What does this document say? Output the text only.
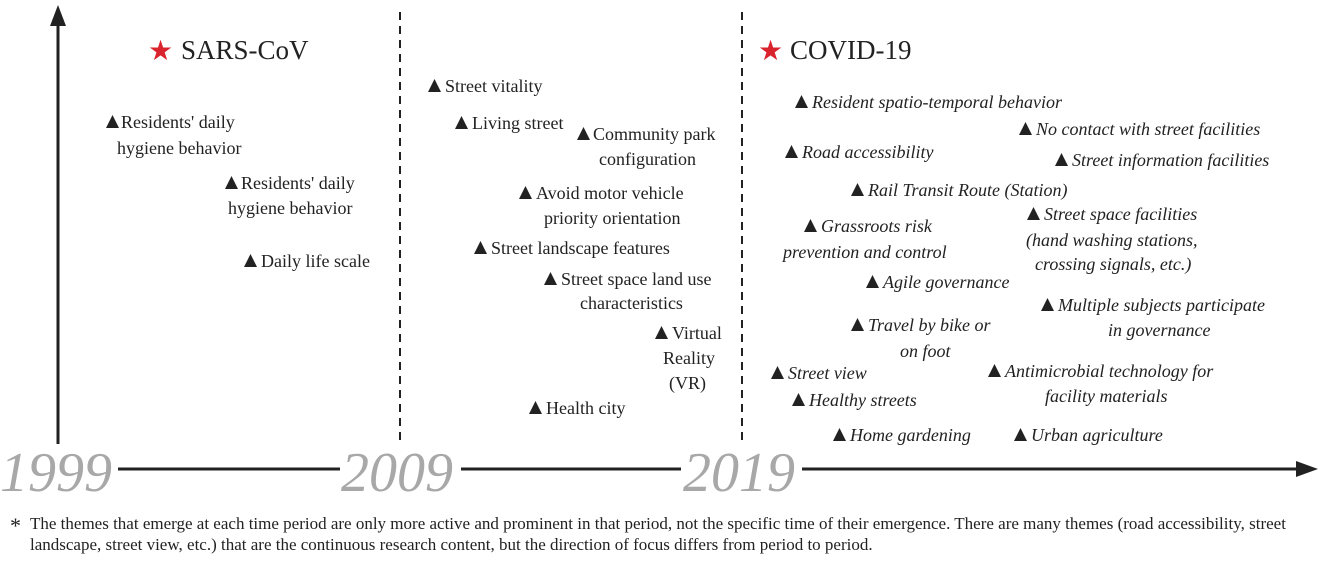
1999	2009	2019
★ SARS-CoV	★ COVID-19
Residents' daily
hygiene behavior
Residents' daily
hygiene behavior
Daily life scale
Street vitality
Living street
Community park
configuration
Avoid motor vehicle
priority orientation
Street landscape features
Street space land use
characteristics
Virtual
Reality
(VR)
Health city
Resident spatio-temporal behavior
No contact with street facilities
Road accessibility	Street information facilities
Rail Transit Route (Station)
Grassroots risk
prevention and control
Street space facilities
(hand washing stations,
crossing signals, etc.)
Agile governance
Multiple subjects participate
in governance
Travel by bike or
on foot
Street view	Antimicrobial technology for
facility materials
Healthy streets
Home gardening	Urban agriculture
* The themes that emerge at each time period are only more active and prominent in that period, not the specific time of their emergence. There are many themes (road accessibility, street landscape, street view, etc.) that are the continuous research content, but the direction of focus differs from period to period.
